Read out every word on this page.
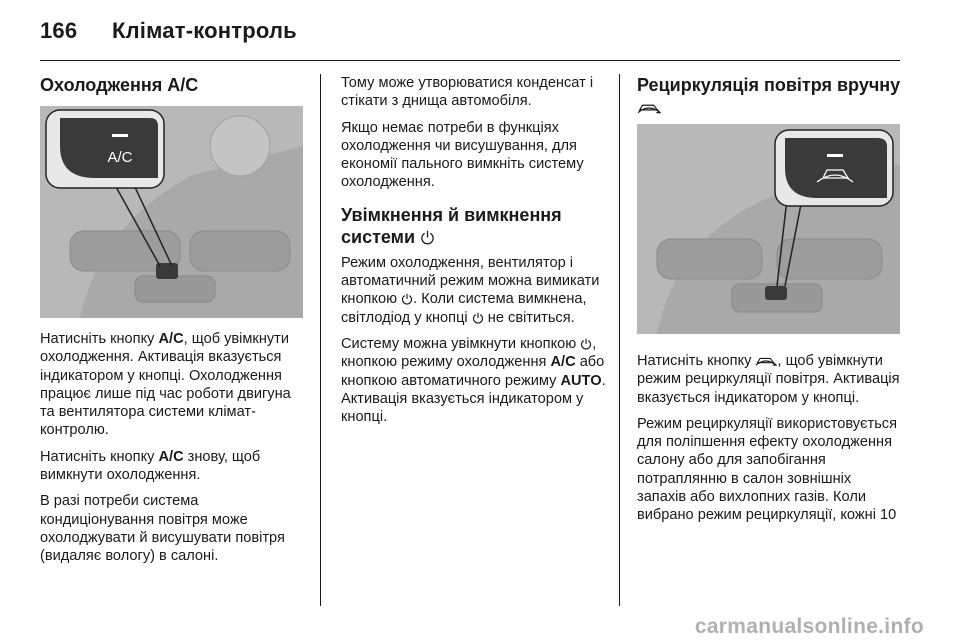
166 Клімат-контроль
Охолодження A/C
A/C

Натисніть кнопку A/C, щоб увімкнути охолодження. Активація вказується індикатором у кнопці. Охолодження працює лише під час роботи двигуна та вентилятора системи клімат-контролю.

Натисніть кнопку A/C знову, щоб вимкнути охолодження.

В разі потреби система кондиціонування повітря може охолоджувати й висушувати повітря (видаляє вологу) в салоні.

Тому може утворюватися конденсат і стікати з днища автомобіля.

Якщо немає потреби в функціях охолодження чи висушування, для економії пального вимкніть систему охолодження.

Увімкнення й вимкнення системи

Режим охолодження, вентилятор і автоматичний режим можна вимикати кнопкою . Коли система вимкнена, світлодіод у кнопці  не світиться.

Систему можна увімкнути кнопкою , кнопкою режиму охолодження A/C або кнопкою автоматичного режиму AUTO. Активація вказується індикатором у кнопці.

Рециркуляція повітря вручну

Натисніть кнопку , щоб увімкнути режим рециркуляції повітря. Активація вказується індикатором у кнопці.

Режим рециркуляції використовується для поліпшення ефекту охолодження салону або для запобігання потраплянню в салон зовнішніх запахів або вихлопних газів. Коли вибрано режим рециркуляції, кожні 10

carmanualsonline.info
